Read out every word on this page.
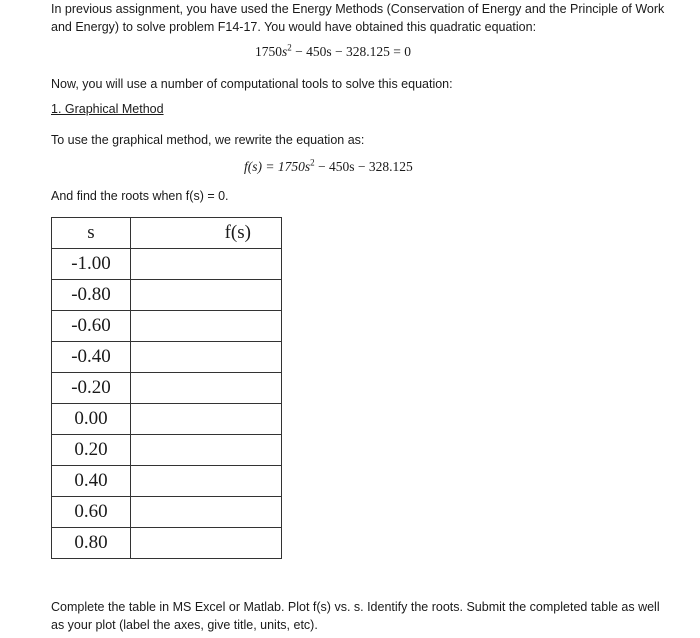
In previous assignment, you have used the Energy Methods (Conservation of Energy and the Principle of Work and Energy) to solve problem F14-17. You would have obtained this quadratic equation:

$1750s^2 - 450s - 328.125 = 0$

Now, you will use a number of computational tools to solve this equation:

1. Graphical Method

To use the graphical method, we rewrite the equation as:

$f(s) = 1750s^2 - 450s - 328.125$

And find the roots when f(s) = 0.

s	f(s)
-1.00	
-0.80	
-0.60	
-0.40	
-0.20	
0.00	
0.20	
0.40	
0.60	
0.80	

Complete the table in MS Excel or Matlab. Plot f(s) vs. s. Identify the roots. Submit the completed table as well as your plot (label the axes, give title, units, etc).
